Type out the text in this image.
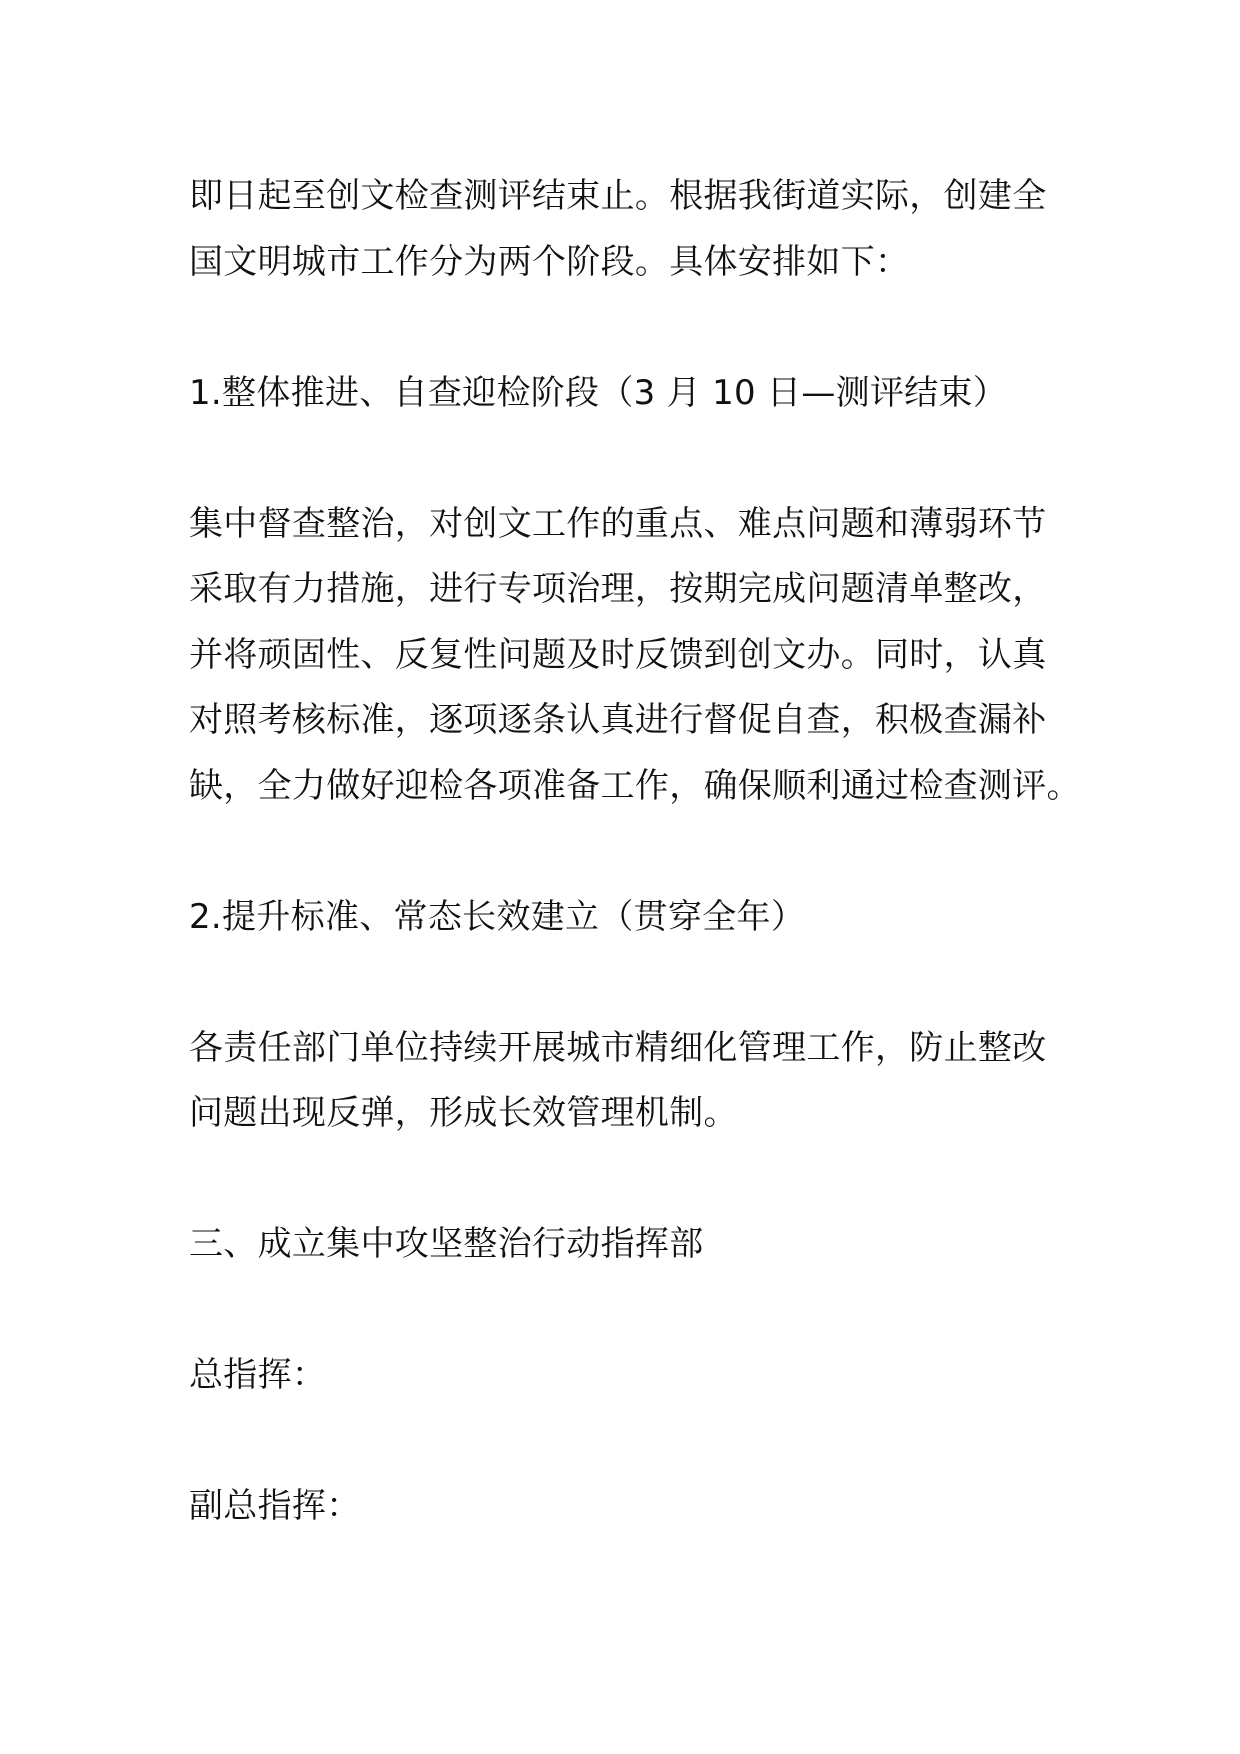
即日起至创文检查测评结束止。根据我街道实际，创建全
国文明城市工作分为两个阶段。具体安排如下：
1.整体推进、自查迎检阶段（3 月 10 日—测评结束）
集中督查整治，对创文工作的重点、难点问题和薄弱环节
采取有力措施，进行专项治理，按期完成问题清单整改，
并将顽固性、反复性问题及时反馈到创文办。同时，认真
对照考核标准，逐项逐条认真进行督促自查，积极查漏补
缺，全力做好迎检各项准备工作，确保顺利通过检查测评。
2.提升标准、常态长效建立（贯穿全年）
各责任部门单位持续开展城市精细化管理工作，防止整改
问题出现反弹，形成长效管理机制。
三、成立集中攻坚整治行动指挥部
总指挥：
副总指挥：
